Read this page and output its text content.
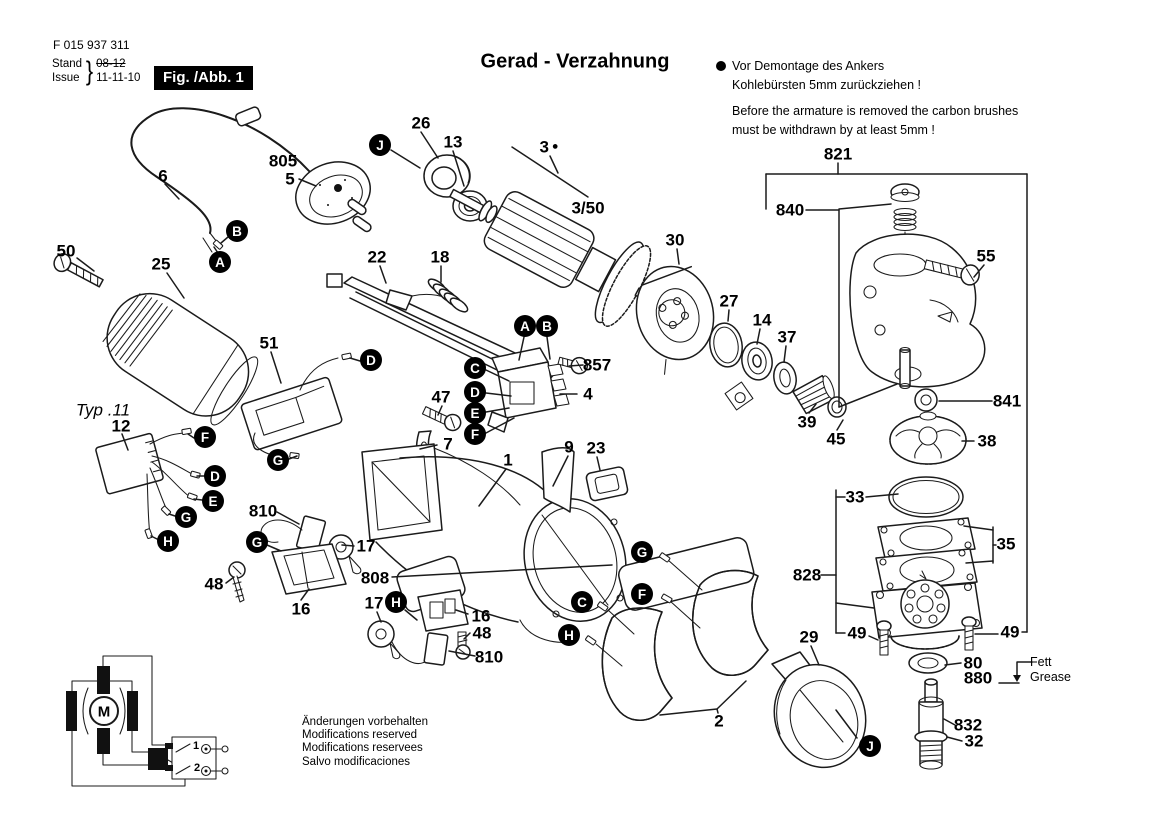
F 015 937 311
Stand
Issue } 08-12
11-11-10	Fig. /Abb. 1
Gerad - Verzahnung	Vor Demontage des Ankers
Kohlebürsten 5mm zurückziehen !
Before the armature is removed the carbon brushes
must be withdrawn by at least 5mm !
Änderungen vorbehalten
Modifications reserved
Modifications reservees
Salvo modificaciones
Fett
Grease
M
1
2
26
13	3 ●
805
5
3/50
6
50
25	22	18
30
27
14
37
821
840
55
841
857
4
51
47
7
Typ .11
12
9 23
1
810
17
48
16
808
17
16
48
810
2
38
33
35
828
49	49
29
80
880
39
45
832
32
J
B
A
A B
C
D
E
F
D
G
F
D
E
G
H	G
H
G
F
C
H
J
